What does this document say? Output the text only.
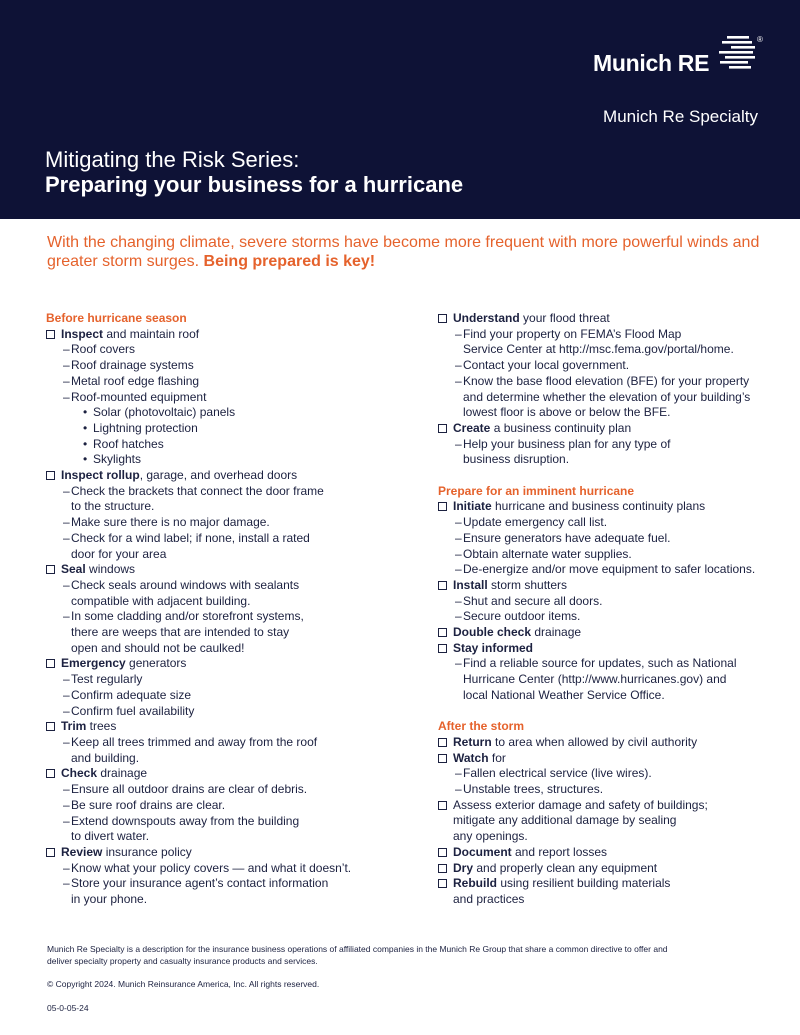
Munich RE
®
Munich Re Specialty
Mitigating the Risk Series:
Preparing your business for a hurricane
With the changing climate, severe storms have become more frequent with more powerful winds and greater storm surges. Being prepared is key!
Before hurricane season
Inspect and maintain roof
– Roof covers
– Roof drainage systems
– Metal roof edge flashing
– Roof-mounted equipment
• Solar (photovoltaic) panels
• Lightning protection
• Roof hatches
• Skylights
Inspect rollup, garage, and overhead doors
– Check the brackets that connect the door frame
to the structure.
– Make sure there is no major damage.
– Check for a wind label; if none, install a rated
door for your area
Seal windows
– Check seals around windows with sealants
compatible with adjacent building.
– In some cladding and/or storefront systems,
there are weeps that are intended to stay
open and should not be caulked!
Emergency generators
– Test regularly
– Confirm adequate size
– Confirm fuel availability
Trim trees
– Keep all trees trimmed and away from the roof
and building.
Check drainage
– Ensure all outdoor drains are clear of debris.
– Be sure roof drains are clear.
– Extend downspouts away from the building
to divert water.
Review insurance policy
– Know what your policy covers — and what it doesn’t.
– Store your insurance agent’s contact information
in your phone.
Understand your flood threat
– Find your property on FEMA’s Flood Map
Service Center at http://msc.fema.gov/portal/home.
– Contact your local government.
– Know the base flood elevation (BFE) for your property
and determine whether the elevation of your building’s
lowest floor is above or below the BFE.
Create a business continuity plan
– Help your business plan for any type of
business disruption.
Prepare for an imminent hurricane
Initiate hurricane and business continuity plans
– Update emergency call list.
– Ensure generators have adequate fuel.
– Obtain alternate water supplies.
– De-energize and/or move equipment to safer locations.
Install storm shutters
– Shut and secure all doors.
– Secure outdoor items.
Double check drainage
Stay informed
– Find a reliable source for updates, such as National
Hurricane Center (http://www.hurricanes.gov) and
local National Weather Service Office.
After the storm
Return to area when allowed by civil authority
Watch for
– Fallen electrical service (live wires).
– Unstable trees, structures.
Assess exterior damage and safety of buildings;
mitigate any additional damage by sealing
any openings.
Document and report losses
Dry and properly clean any equipment
Rebuild using resilient building materials
and practices
Munich Re Specialty is a description for the insurance business operations of affiliated companies in the Munich Re Group that share a common directive to offer and deliver specialty property and casualty insurance products and services.
© Copyright 2024. Munich Reinsurance America, Inc. All rights reserved.
05-0-05-24
